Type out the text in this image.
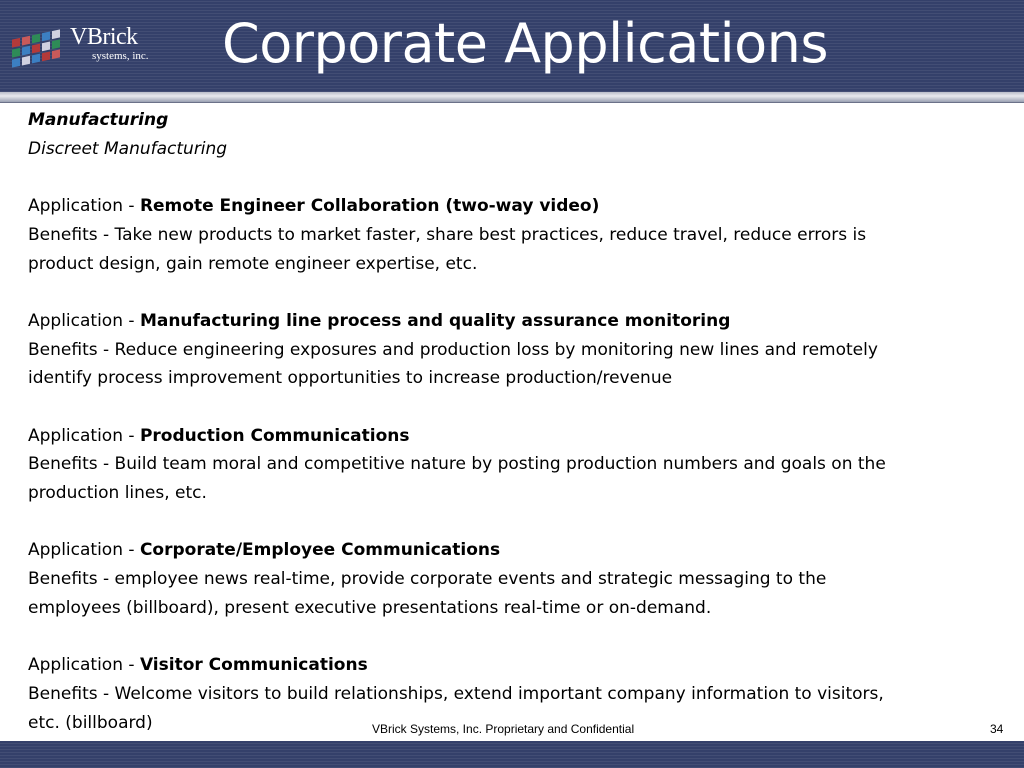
VBrick
systems, inc. Corporate Applications
Manufacturing
Discreet Manufacturing
Application - Remote Engineer Collaboration (two-way video)
Benefits - Take new products to market faster, share best practices, reduce travel, reduce errors is
product design, gain remote engineer expertise, etc.
Application - Manufacturing line process and quality assurance monitoring
Benefits - Reduce engineering exposures and production loss by monitoring new lines and remotely
identify process improvement opportunities to increase production/revenue
Application - Production Communications
Benefits - Build team moral and competitive nature by posting production numbers and goals on the
production lines, etc.
Application - Corporate/Employee Communications
Benefits - employee news real-time, provide corporate events and strategic messaging to the
employees (billboard), present executive presentations real-time or on-demand.
Application - Visitor Communications
Benefits - Welcome visitors to build relationships, extend important company information to visitors,
etc. (billboard)	VBrick Systems, Inc. Proprietary and Confidential	34
